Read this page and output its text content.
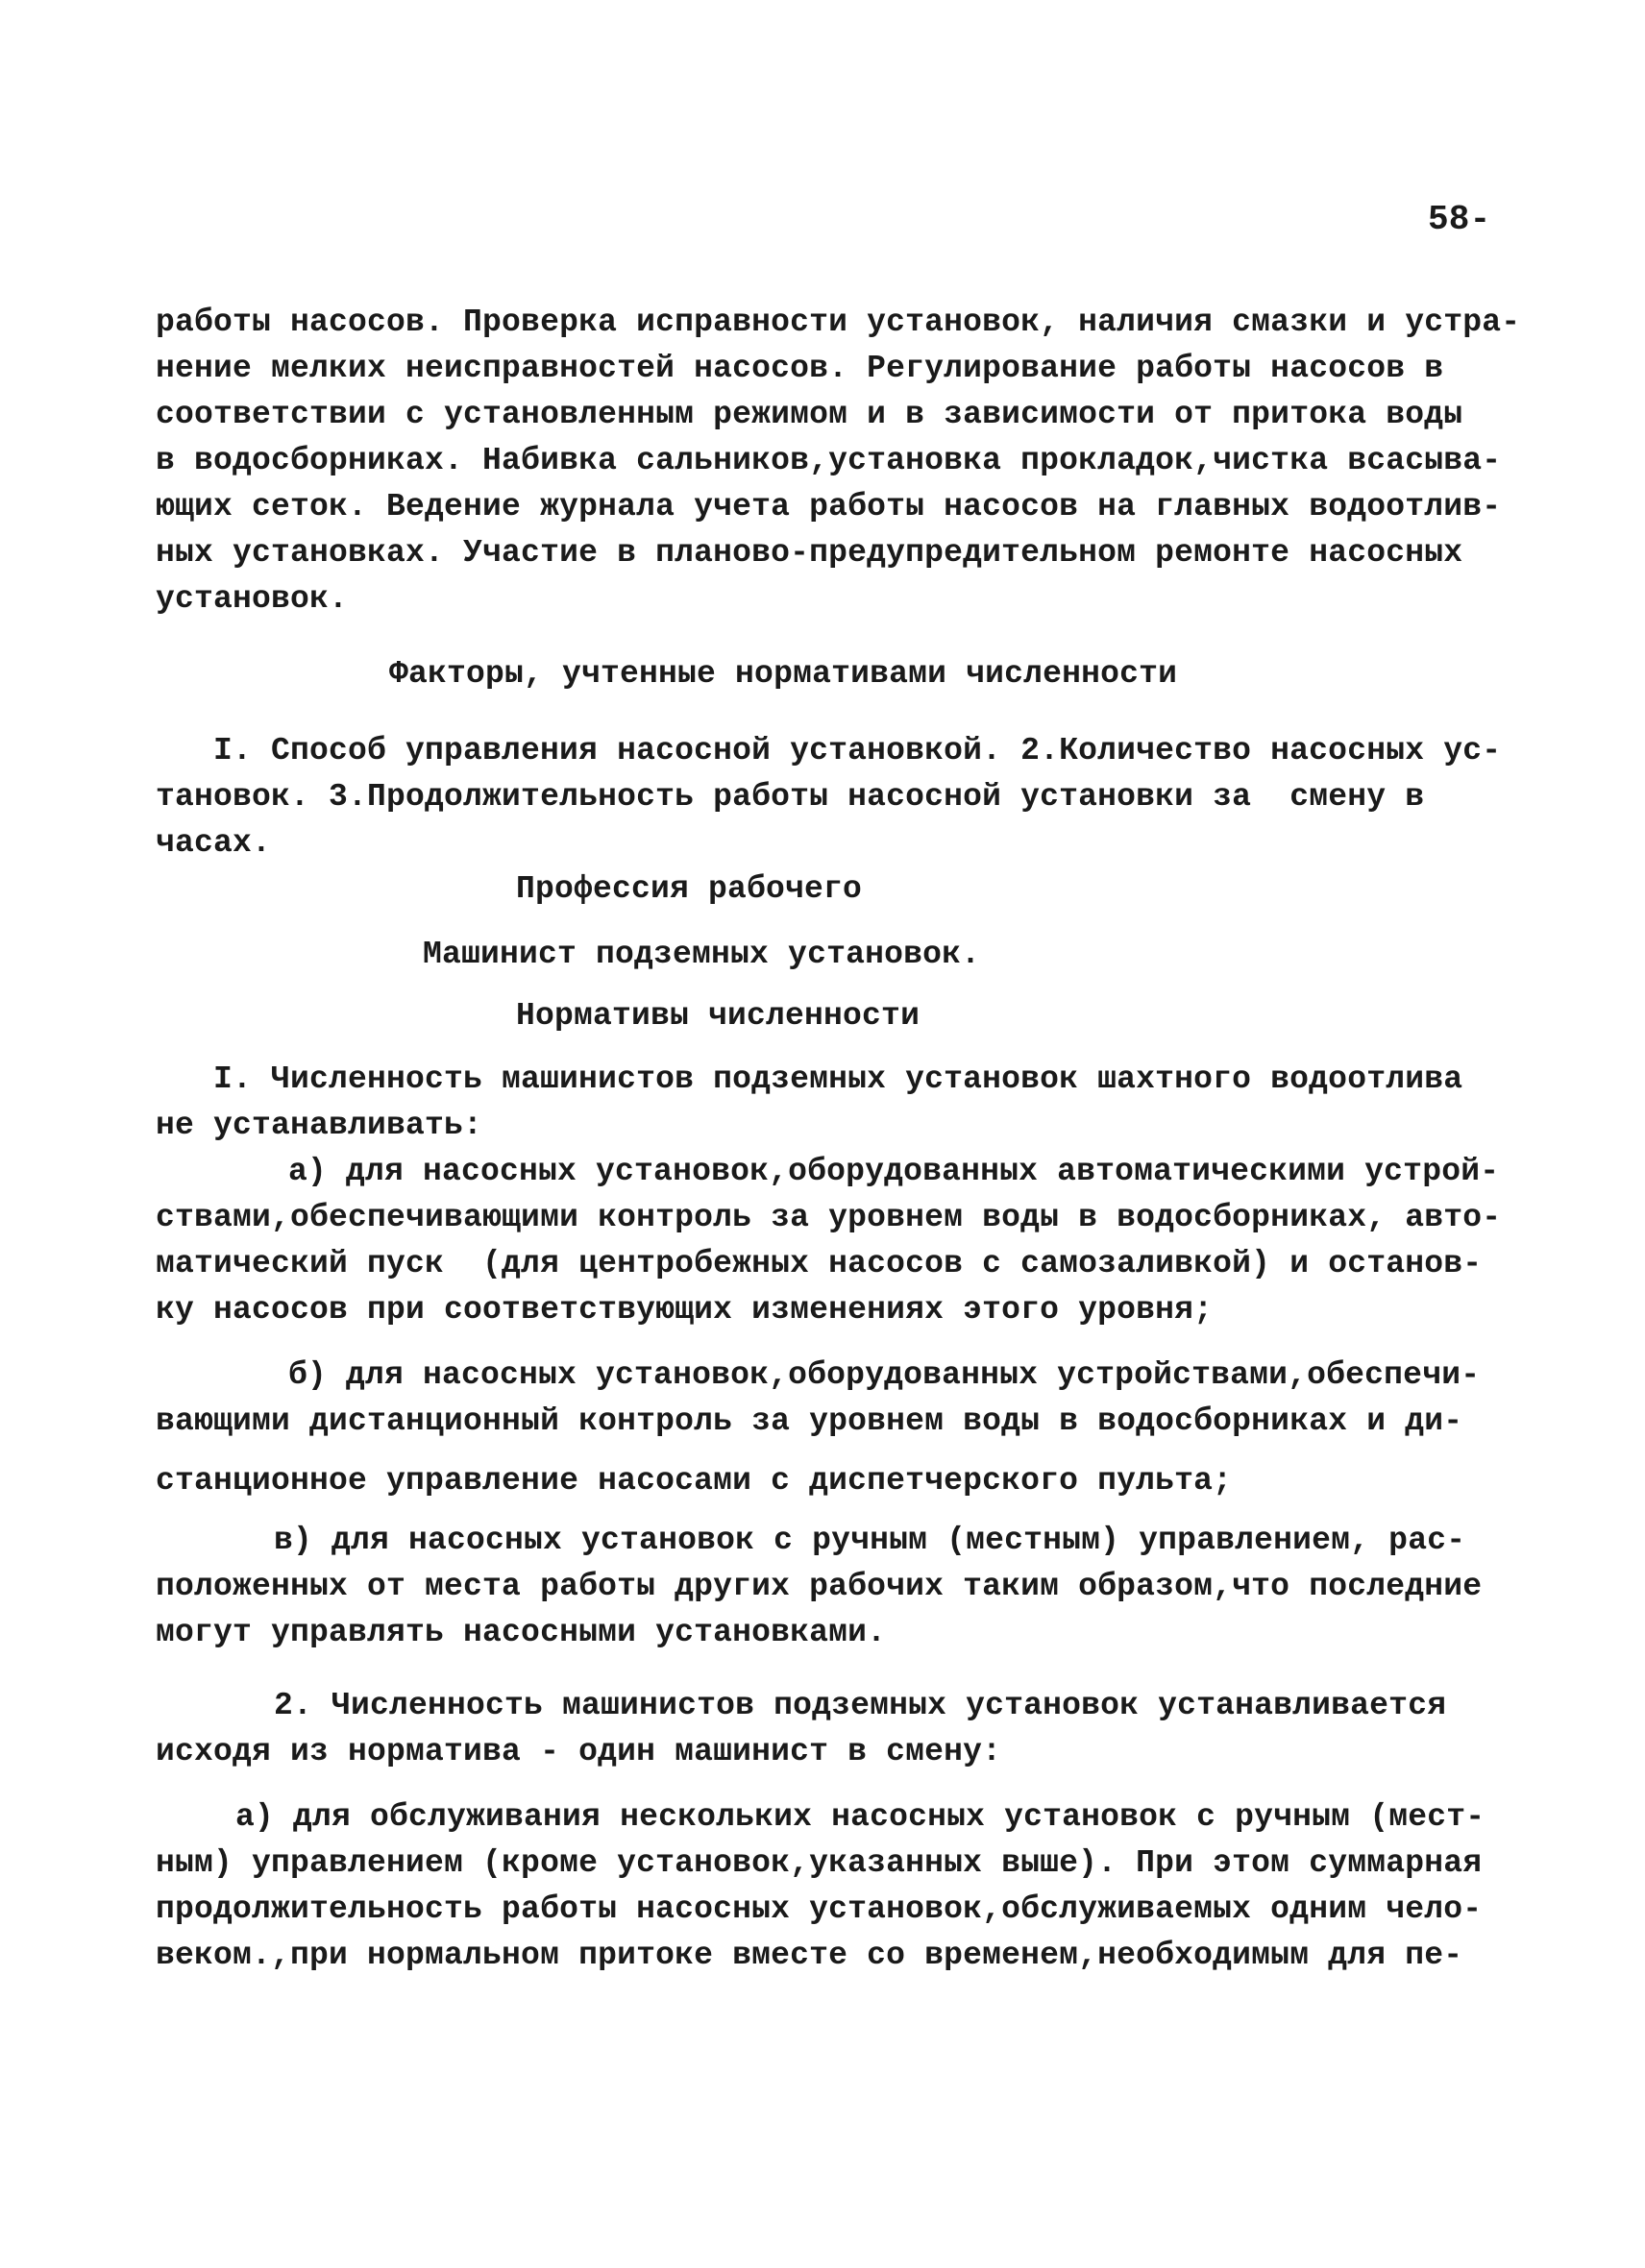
58-
работы насосов. Проверка исправности установок, наличия смазки и устра-
нение мелких неисправностей насосов. Регулирование работы насосов в
соответствии с установленным режимом и в зависимости от притока воды
в водосборниках. Набивка сальников,установка прокладок,чистка всасыва-
ющих сеток. Ведение журнала учета работы насосов на главных водоотлив-
ных установках. Участие в планово-предупредительном ремонте насосных
установок.
Факторы, учтенные нормативами численности
I. Способ управления насосной установкой. 2.Количество насосных ус-
тановок. 3.Продолжительность работы насосной установки за  смену в
часах.
Профессия рабочего
Машинист подземных установок.
Нормативы численности
I. Численность машинистов подземных установок шахтного водоотлива
не устанавливать:
а) для насосных установок,оборудованных автоматическими устрой-
ствами,обеспечивающими контроль за уровнем воды в водосборниках, авто-
матический пуск  (для центробежных насосов с самозаливкой) и останов-
ку насосов при соответствующих изменениях этого уровня;
б) для насосных установок,оборудованных устройствами,обеспечи-
вающими дистанционный контроль за уровнем воды в водосборниках и ди-
станционное управление насосами с диспетчерского пульта;
в) для насосных установок с ручным (местным) управлением, рас-
положенных от места работы других рабочих таким образом,что последние
могут управлять насосными установками.
2. Численность машинистов подземных установок устанавливается
исходя из норматива - один машинист в смену:
а) для обслуживания нескольких насосных установок с ручным (мест-
ным) управлением (кроме установок,указанных выше). При этом суммарная
продолжительность работы насосных установок,обслуживаемых одним чело-
веком.,при нормальном притоке вместе со временем,необходимым для пе-
